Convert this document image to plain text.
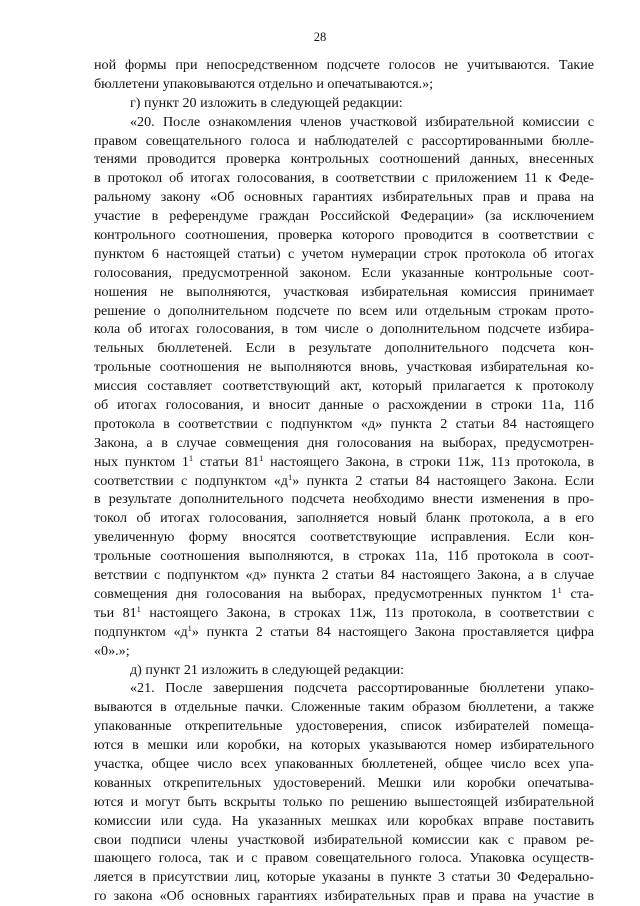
28
ной формы при непосредственном подсчете голосов не учитываются. Такие
бюллетени упаковываются отдельно и опечатываются.»;
г) пункт 20 изложить в следующей редакции:
«20. После ознакомления членов участковой избирательной комиссии с
правом совещательного голоса и наблюдателей с рассортированными бюлле-
тенями проводится проверка контрольных соотношений данных, внесенных
в протокол об итогах голосования, в соответствии с приложением 11 к Феде-
ральному закону «Об основных гарантиях избирательных прав и права на
участие в референдуме граждан Российской Федерации» (за исключением
контрольного соотношения, проверка которого проводится в соответствии с
пунктом 6 настоящей статьи) с учетом нумерации строк протокола об итогах
голосования, предусмотренной законом. Если указанные контрольные соот-
ношения не выполняются, участковая избирательная комиссия принимает
решение о дополнительном подсчете по всем или отдельным строкам прото-
кола об итогах голосования, в том числе о дополнительном подсчете избира-
тельных бюллетеней. Если в результате дополнительного подсчета кон-
трольные соотношения не выполняются вновь, участковая избирательная ко-
миссия составляет соответствующий акт, который прилагается к протоколу
об итогах голосования, и вносит данные о расхождении в строки 11а, 11б
протокола в соответствии с подпунктом «д» пункта 2 статьи 84 настоящего
Закона, а в случае совмещения дня голосования на выборах, предусмотрен-
ных пунктом $1^1$ статьи $81^1$ настоящего Закона, в строки 11ж, 11з протокола, в
соответствии с подпунктом «$д^1$» пункта 2 статьи 84 настоящего Закона. Если
в результате дополнительного подсчета необходимо внести изменения в про-
токол об итогах голосования, заполняется новый бланк протокола, а в его
увеличенную форму вносятся соответствующие исправления. Если кон-
трольные соотношения выполняются, в строках 11а, 11б протокола в соот-
ветствии с подпунктом «д» пункта 2 статьи 84 настоящего Закона, а в случае
совмещения дня голосования на выборах, предусмотренных пунктом $1^1$ ста-
тьи $81^1$ настоящего Закона, в строках 11ж, 11з протокола, в соответствии с
подпунктом «$д^1$» пункта 2 статьи 84 настоящего Закона проставляется цифра
«0».»;
д) пункт 21 изложить в следующей редакции:
«21. После завершения подсчета рассортированные бюллетени упако-
вываются в отдельные пачки. Сложенные таким образом бюллетени, а также
упакованные открепительные удостоверения, список избирателей помеща-
ются в мешки или коробки, на которых указываются номер избирательного
участка, общее число всех упакованных бюллетеней, общее число всех упа-
кованных открепительных удостоверений. Мешки или коробки опечатыва-
ются и могут быть вскрыты только по решению вышестоящей избирательной
комиссии или суда. На указанных мешках или коробках вправе поставить
свои подписи члены участковой избирательной комиссии как с правом ре-
шающего голоса, так и с правом совещательного голоса. Упаковка осуществ-
ляется в присутствии лиц, которые указаны в пункте 3 статьи 30 Федерально-
го закона «Об основных гарантиях избирательных прав и права на участие в
